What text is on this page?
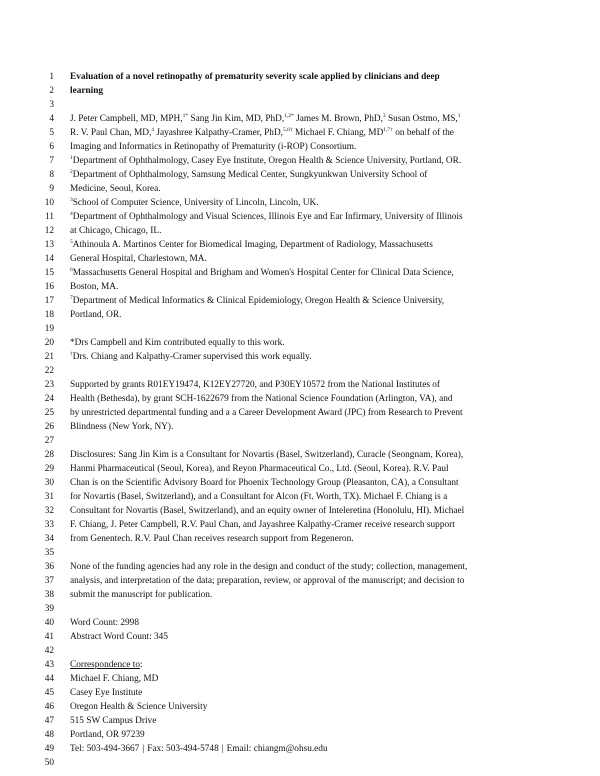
1
2
3
4
5
6
7
8
9
10
11
12
13
14
15
16
17
18
19
20
21
22
23
24
25
26
27
28
29
30
31
32
33
34
35
36
37
38
39
40
41
42
43
44
45
46
47
48
49
50
Evaluation of a novel retinopathy of prematurity severity scale applied by clinicians and deep
learning
J. Peter Campbell, MD, MPH,$^{1*}$ Sang Jin Kim, MD, PhD,$^{1,2*}$ James M. Brown, PhD,$^3$ Susan Ostmo, MS,$^1$
R. V. Paul Chan, MD,$^4$ Jayashree Kalpathy-Cramer, PhD,$^{5,6\dagger}$ Michael F. Chiang, $MD^{1,7\dagger}$ on behalf of the
Imaging and Informatics in Retinopathy of Prematurity (i-ROP) Consortium.
$^1$Department of Ophthalmology, Casey Eye Institute, Oregon Health & Science University, Portland, OR.
$^2$Department of Ophthalmology, Samsung Medical Center, Sungkyunkwan University School of
Medicine, Seoul, Korea.
$^3$School of Computer Science, University of Lincoln, Lincoln, UK.
$^4$Department of Ophthalmology and Visual Sciences, Illinois Eye and Ear Infirmary, University of Illinois
at Chicago, Chicago, IL.
$^5$Athinoula A. Martinos Center for Biomedical Imaging, Department of Radiology, Massachusetts
General Hospital, Charlestown, MA.
$^6$Massachusetts General Hospital and Brigham and Women's Hospital Center for Clinical Data Science,
Boston, MA.
$^7$Department of Medical Informatics & Clinical Epidemiology, Oregon Health & Science University,
Portland, OR.
*Drs Campbell and Kim contributed equally to this work.
†Drs. Chiang and Kalpathy-Cramer supervised this work equally.
Supported by grants R01EY19474, K12EY27720, and P30EY10572 from the National Institutes of
Health (Bethesda), by grant SCH-1622679 from the National Science Foundation (Arlington, VA), and
by unrestricted departmental funding and a a Career Development Award (JPC) from Research to Prevent
Blindness (New York, NY).
Disclosures: Sang Jin Kim is a Consultant for Novartis (Basel, Switzerland), Curacle (Seongnam, Korea),
Hanmi Pharmaceutical (Seoul, Korea), and Reyon Pharmaceutical Co., Ltd. (Seoul, Korea). R.V. Paul
Chan is on the Scientific Advisory Board for Phoenix Technology Group (Pleasanton, CA), a Consultant
for Novartis (Basel, Switzerland), and a Consultant for Alcon (Ft. Worth, TX). Michael F. Chiang is a
Consultant for Novartis (Basel, Switzerland), and an equity owner of Inteleretina (Honolulu, HI). Michael
F. Chiang, J. Peter Campbell, R.V. Paul Chan, and Jayashree Kalpathy-Cramer receive research support
from Genentech. R.V. Paul Chan receives research support from Regeneron.
None of the funding agencies had any role in the design and conduct of the study; collection, management,
analysis, and interpretation of the data; preparation, review, or approval of the manuscript; and decision to
submit the manuscript for publication.
Word Count: 2998
Abstract Word Count: 345
Correspondence to:
Michael F. Chiang, MD
Casey Eye Institute
Oregon Health & Science University
515 SW Campus Drive
Portland, OR 97239
Tel: 503-494-3667 | Fax: 503-494-5748 | Email: chiangm@ohsu.edu
